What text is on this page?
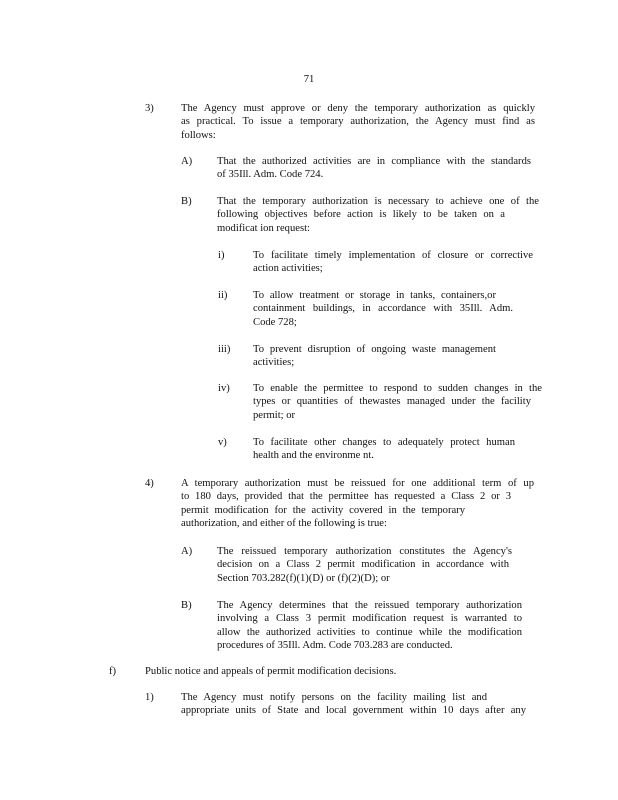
71
3)	The Agency must approve or deny the temporary authorization as quickly
as practical. To issue a temporary authorization, the Agency must find as
follows:
A) That the authorized activities are in compliance with the standards
of 35Ill. Adm. Code 724.
B) That the temporary authorization is necessary to achieve one of the
following objectives before action is likely to be taken on a
modificat ion request:
i)	To facilitate timely implementation of closure or corrective
action activities;
ii) To allow treatment or storage in tanks, containers,or
containment buildings, in accordance with 35Ill. Adm.
Code 728;
iii) To prevent disruption of ongoing waste management
activities;
iv) To enable the permittee to respond to sudden changes in the
types or quantities of thewastes managed under the facility
permit; or
v) To facilitate other changes to adequately protect human
health and the environme nt.
4)	A temporary authorization must be reissued for one additional term of up
to 180 days, provided that the permittee has requested a Class 2 or 3
permit modification for the activity covered in the temporary
authorization, and either of the following is true:
A) The reissued temporary authorization constitutes the Agency's
decision on a Class 2 permit modification in accordance with
Section 703.282(f)(1)(D) or (f)(2)(D); or
B) The Agency determines that the reissued temporary authorization
involving a Class 3 permit modification request is warranted to
allow the authorized activities to continue while the modification
procedures of 35Ill. Adm. Code 703.283 are conducted.
f)	Public notice and appeals of permit modification decisions.
1)	The Agency must notify persons on the facility mailing list and
appropriate units of State and local government within 10 days after any
